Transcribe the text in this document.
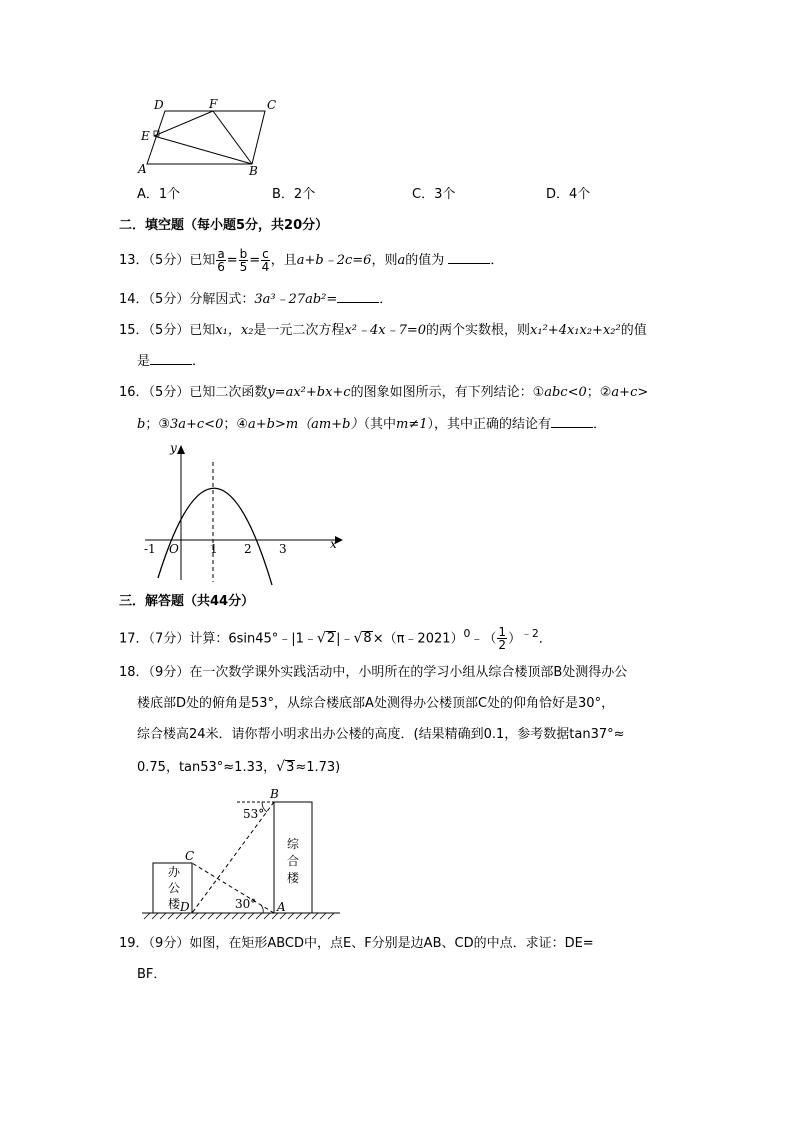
D	F	C
E
A	B
A．1个	B．2个	C．3个	D．4个
二．填空题（每小题5分，共20分）
13．（5分）已知 $\frac{a}{6} = \frac{b}{5} = \frac{c}{4}$ ，且a+b﹣2c=6，则a的值为	．
14．（5分）分解因式：3a³﹣27ab²=	．
15．（5分）已知x₁，x₂是一元二次方程x²﹣4x﹣7=0的两个实数根，则x₁²+4x₁x₂+x₂²的值
是	．
16．（5分）已知二次函数y=ax²+bx+c的图象如图所示，有下列结论：①abc<0；②a+c>
b；③3a+c<0；④a+b>m（am+b）（其中m≠1），其中正确的结论有	．
y
x
O
-1	1 2 3
三．解答题（共44分）
17．（7分）计算：6sin45°﹣|1﹣√2|﹣√8×（π﹣2021）$^0$﹣（ $\frac{1}{2} )^{﹣2}$．
18．（9分）在一次数学课外实践活动中，小明所在的学习小组从综合楼顶部B处测得办公
楼底部D处的俯角是53°，从综合楼底部A处测得办公楼顶部C处的仰角恰好是30°，
综合楼高24米．请你帮小明求出办公楼的高度．(结果精确到0.1，参考数据tan37°≈
0.75，tan53°≈1.33，√3≈1.73)
B
C
D	A
53°
30°
办
公
楼
综
合
楼
19．（9分）如图，在矩形ABCD中，点E、F分别是边AB、CD的中点．求证：DE=
BF．
